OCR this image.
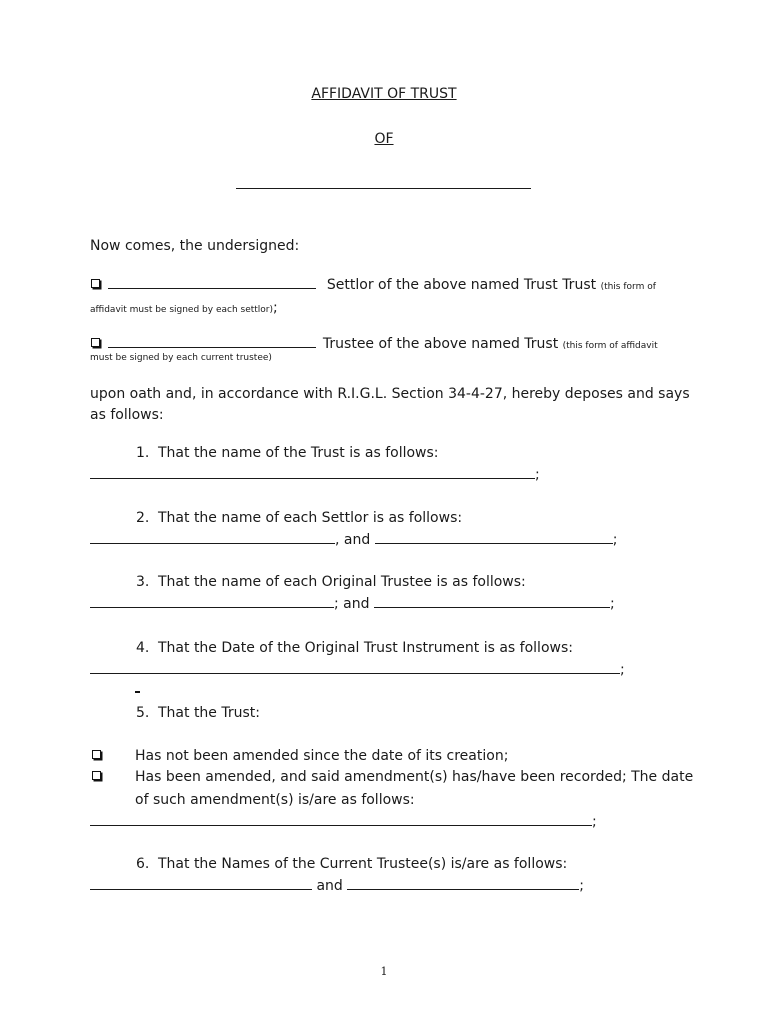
AFFIDAVIT OF TRUST
OF
Now comes, the undersigned:
Settlor of the above named Trust Trust (this form of
affidavit must be signed by each settlor);
Trustee of the above named Trust (this form of affidavit
must be signed by each current trustee)
upon oath and, in accordance with R.I.G.L. Section 34-4-27, hereby deposes and says
as follows:
1. That the name of the Trust is as follows:
;
2. That the name of each Settlor is as follows:
, and	;
3. That the name of each Original Trustee is as follows:
; and	;
4. That the Date of the Original Trust Instrument is as follows:
;
5. That the Trust:
Has not been amended since the date of its creation;
Has been amended, and said amendment(s) has/have been recorded; The date
of such amendment(s) is/are as follows:
;
6. That the Names of the Current Trustee(s) is/are as follows:
and	;
1
